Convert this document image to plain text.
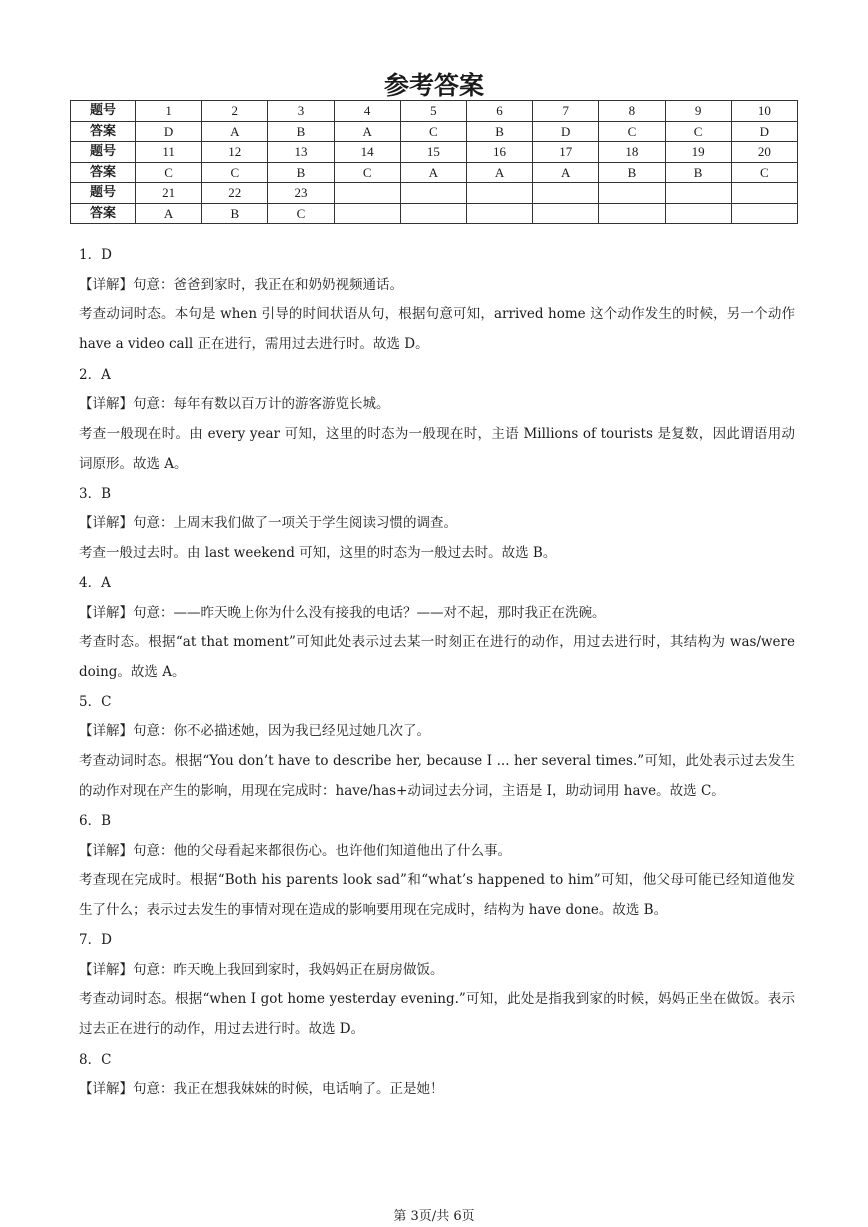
参考答案
题号	1	2	3	4	5	6	7	8	9	10
答案	D	A	B	A	C	B	D	C	C	D
题号	11	12	13	14	15	16	17	18	19	20
答案	C	C	B	C	A	A	A	B	B	C
题号	21	22	23							
答案	A	B	C							
1．D
【详解】句意：爸爸到家时，我正在和奶奶视频通话。
考查动词时态。本句是 when 引导的时间状语从句，根据句意可知，arrived home 这个动作发生的时候，另一个动作 have a video call 正在进行，需用过去进行时。故选 D。
2．A
【详解】句意：每年有数以百万计的游客游览长城。
考查一般现在时。由 every year 可知，这里的时态为一般现在时，主语 Millions of tourists 是复数，因此谓语用动词原形。故选 A。
3．B
【详解】句意：上周末我们做了一项关于学生阅读习惯的调查。
考查一般过去时。由 last weekend 可知，这里的时态为一般过去时。故选 B。
4．A
【详解】句意：——昨天晚上你为什么没有接我的电话？——对不起，那时我正在洗碗。
考查时态。根据“at that moment”可知此处表示过去某一时刻正在进行的动作，用过去进行时，其结构为 was/were doing。故选 A。
5．C
【详解】句意：你不必描述她，因为我已经见过她几次了。
考查动词时态。根据“You don’t have to describe her, because I ... her several times.”可知，此处表示过去发生的动作对现在产生的影响，用现在完成时：have/has+动词过去分词，主语是 I，助动词用 have。故选 C。
6．B
【详解】句意：他的父母看起来都很伤心。也许他们知道他出了什么事。
考查现在完成时。根据“Both his parents look sad”和“what’s happened to him”可知，他父母可能已经知道他发生了什么；表示过去发生的事情对现在造成的影响要用现在完成时，结构为 have done。故选 B。
7．D
【详解】句意：昨天晚上我回到家时，我妈妈正在厨房做饭。
考查动词时态。根据“when I got home yesterday evening.”可知，此处是指我到家的时候，妈妈正坐在做饭。表示过去正在进行的动作，用过去进行时。故选 D。
8．C
【详解】句意：我正在想我妹妹的时候，电话响了。正是她！
第 3页/共 6页
